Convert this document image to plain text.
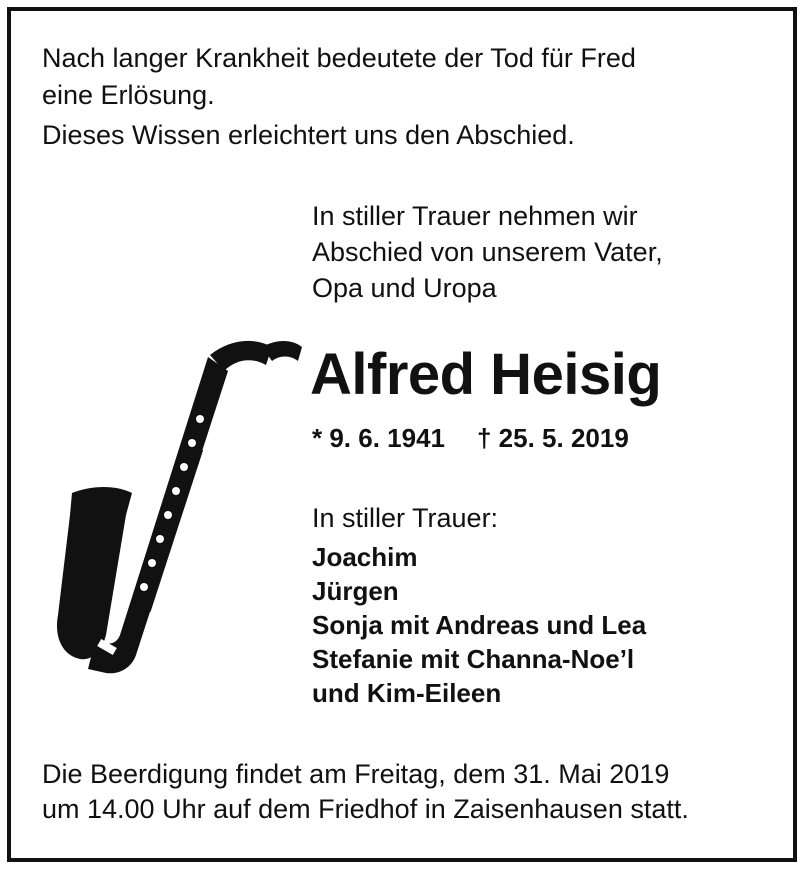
Nach langer Krankheit bedeutete der Tod für Fred
eine Erlösung.
Dieses Wissen erleichtert uns den Abschied.
In stiller Trauer nehmen wir
Abschied von unserem Vater,
Opa und Uropa
Alfred Heisig
* 9. 6. 1941 † 25. 5. 2019
In stiller Trauer:
Joachim
Jürgen
Sonja mit Andreas und Lea
Stefanie mit Channa-Noe’l
und Kim-Eileen
Die Beerdigung findet am Freitag, dem 31. Mai 2019
um 14.00 Uhr auf dem Friedhof in Zaisenhausen statt.
